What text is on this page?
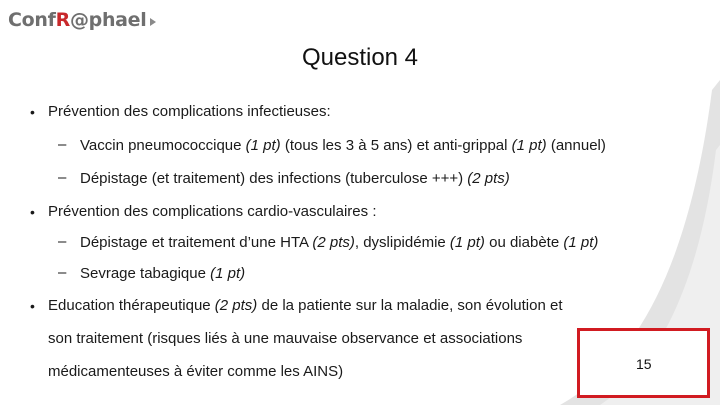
ConfR@phael
Question 4
• Prévention des complications infectieuses:
– Vaccin pneumococcique (1 pt) (tous les 3 à 5 ans) et anti-grippal (1 pt) (annuel)
– Dépistage (et traitement) des infections (tuberculose +++) (2 pts)
• Prévention des complications cardio-vasculaires :
– Dépistage et traitement d’une HTA (2 pts), dyslipidémie (1 pt) ou diabète (1 pt)
– Sevrage tabagique (1 pt)
• Education thérapeutique (2 pts) de la patiente sur la maladie, son évolution et
son traitement (risques liés à une mauvaise observance et associations
médicamenteuses à éviter comme les AINS)	15
